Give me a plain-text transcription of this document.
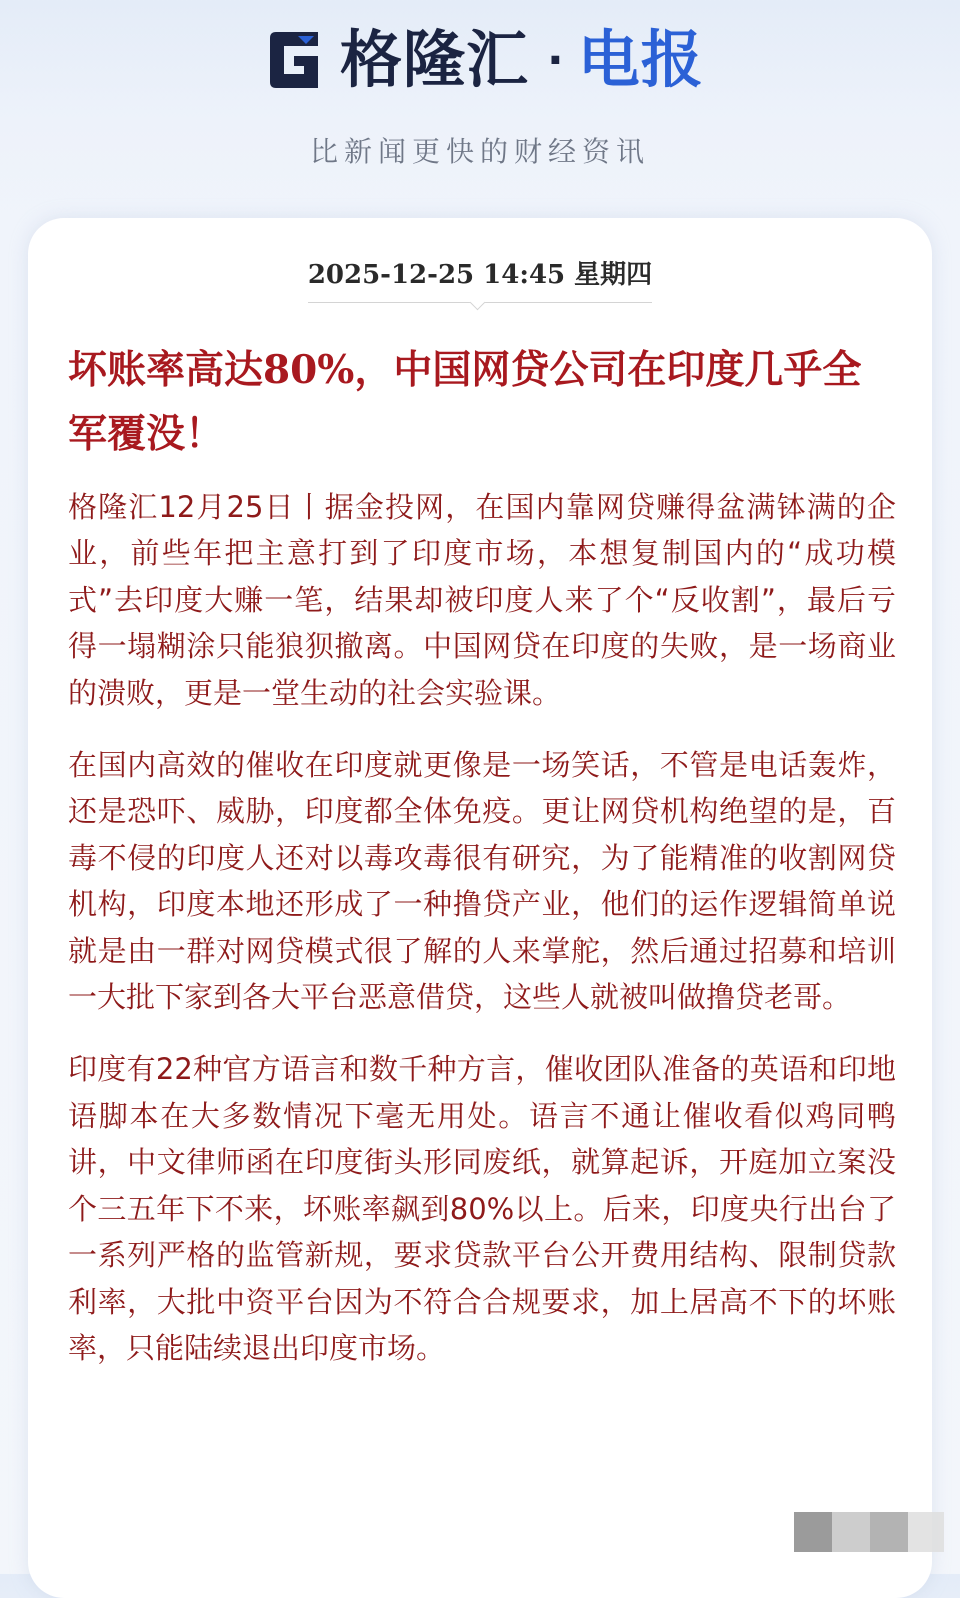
格隆汇 · 电报
比新闻更快的财经资讯
2025-12-25 14:45 星期四
坏账率高达80%，中国网贷公司在印度几乎全军覆没！

格隆汇12月25日丨据金投网，在国内靠网贷赚得盆满钵满的企业，前些年把主意打到了印度市场，本想复制国内的“成功模式”去印度大赚一笔，结果却被印度人来了个“反收割”，最后亏得一塌糊涂只能狼狈撤离。中国网贷在印度的失败，是一场商业的溃败，更是一堂生动的社会实验课。

在国内高效的催收在印度就更像是一场笑话，不管是电话轰炸，还是恐吓、威胁，印度都全体免疫。更让网贷机构绝望的是，百毒不侵的印度人还对以毒攻毒很有研究，为了能精准的收割网贷机构，印度本地还形成了一种撸贷产业，他们的运作逻辑简单说就是由一群对网贷模式很了解的人来掌舵，然后通过招募和培训一大批下家到各大平台恶意借贷，这些人就被叫做撸贷老哥。

印度有22种官方语言和数千种方言，催收团队准备的英语和印地语脚本在大多数情况下毫无用处。语言不通让催收看似鸡同鸭讲，中文律师函在印度街头形同废纸，就算起诉，开庭加立案没个三五年下不来，坏账率飙到80%以上。后来，印度央行出台了一系列严格的监管新规，要求贷款平台公开费用结构、限制贷款利率，大批中资平台因为不符合合规要求，加上居高不下的坏账率，只能陆续退出印度市场。
